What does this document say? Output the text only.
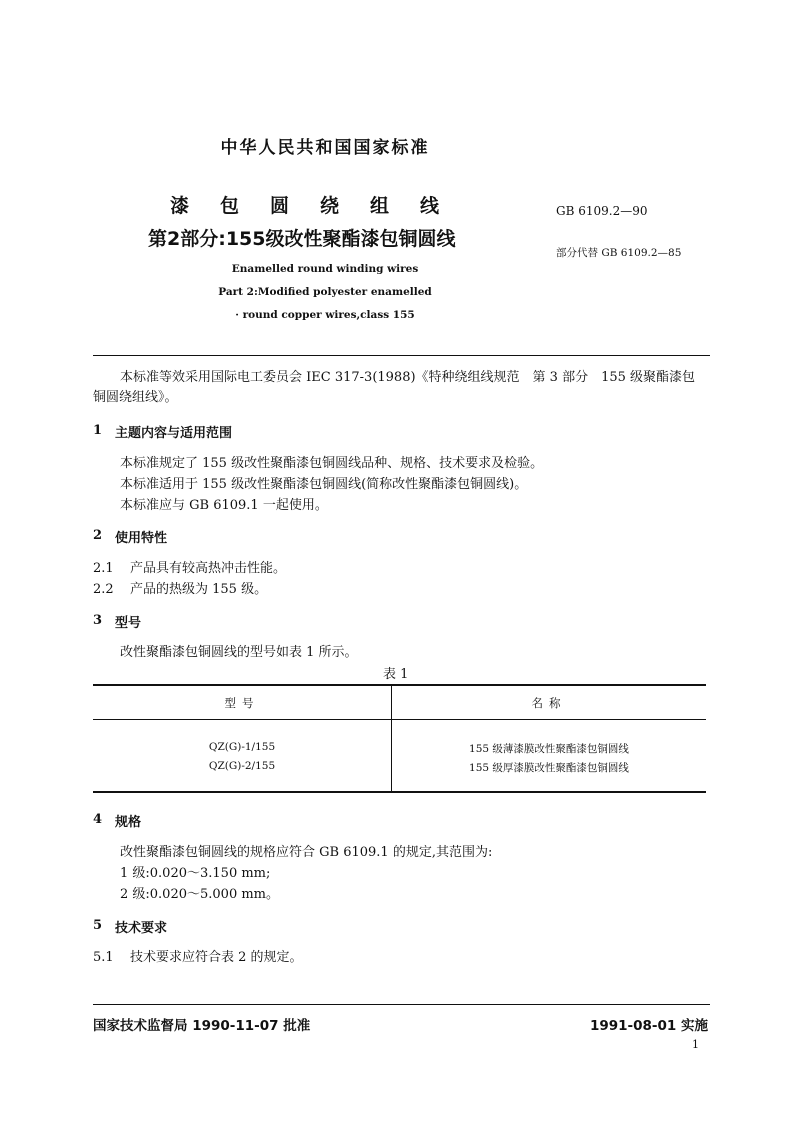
中华人民共和国国家标准
漆包圆绕组线
第2部分:155级改性聚酯漆包铜圆线
GB 6109.2—90
部分代替 GB 6109.2—85
Enamelled round winding wires
Part 2:Modified polyester enamelled
· round copper wires,class 155
本标准等效采用国际电工委员会 IEC 317-3(1988)《特种绕组线规范　第 3 部分　155 级聚酯漆包铜圆绕组线》。
1 主题内容与适用范围
本标准规定了 155 级改性聚酯漆包铜圆线品种、规格、技术要求及检验。
本标准适用于 155 级改性聚酯漆包铜圆线(简称改性聚酯漆包铜圆线)。
本标准应与 GB 6109.1 一起使用。
2 使用特性
2.1 产品具有较高热冲击性能。
2.2 产品的热级为 155 级。
3 型号
改性聚酯漆包铜圆线的型号如表 1 所示。
表 1
型号	名称
QZ(G)-1/155	155 级薄漆膜改性聚酯漆包铜圆线
QZ(G)-2/155	155 级厚漆膜改性聚酯漆包铜圆线
4 规格
改性聚酯漆包铜圆线的规格应符合 GB 6109.1 的规定,其范围为:
1 级:0.020～3.150 mm;
2 级:0.020～5.000 mm。
5 技术要求
5.1 技术要求应符合表 2 的规定。
国家技术监督局 1990-11-07 批准	1991-08-01 实施
1
